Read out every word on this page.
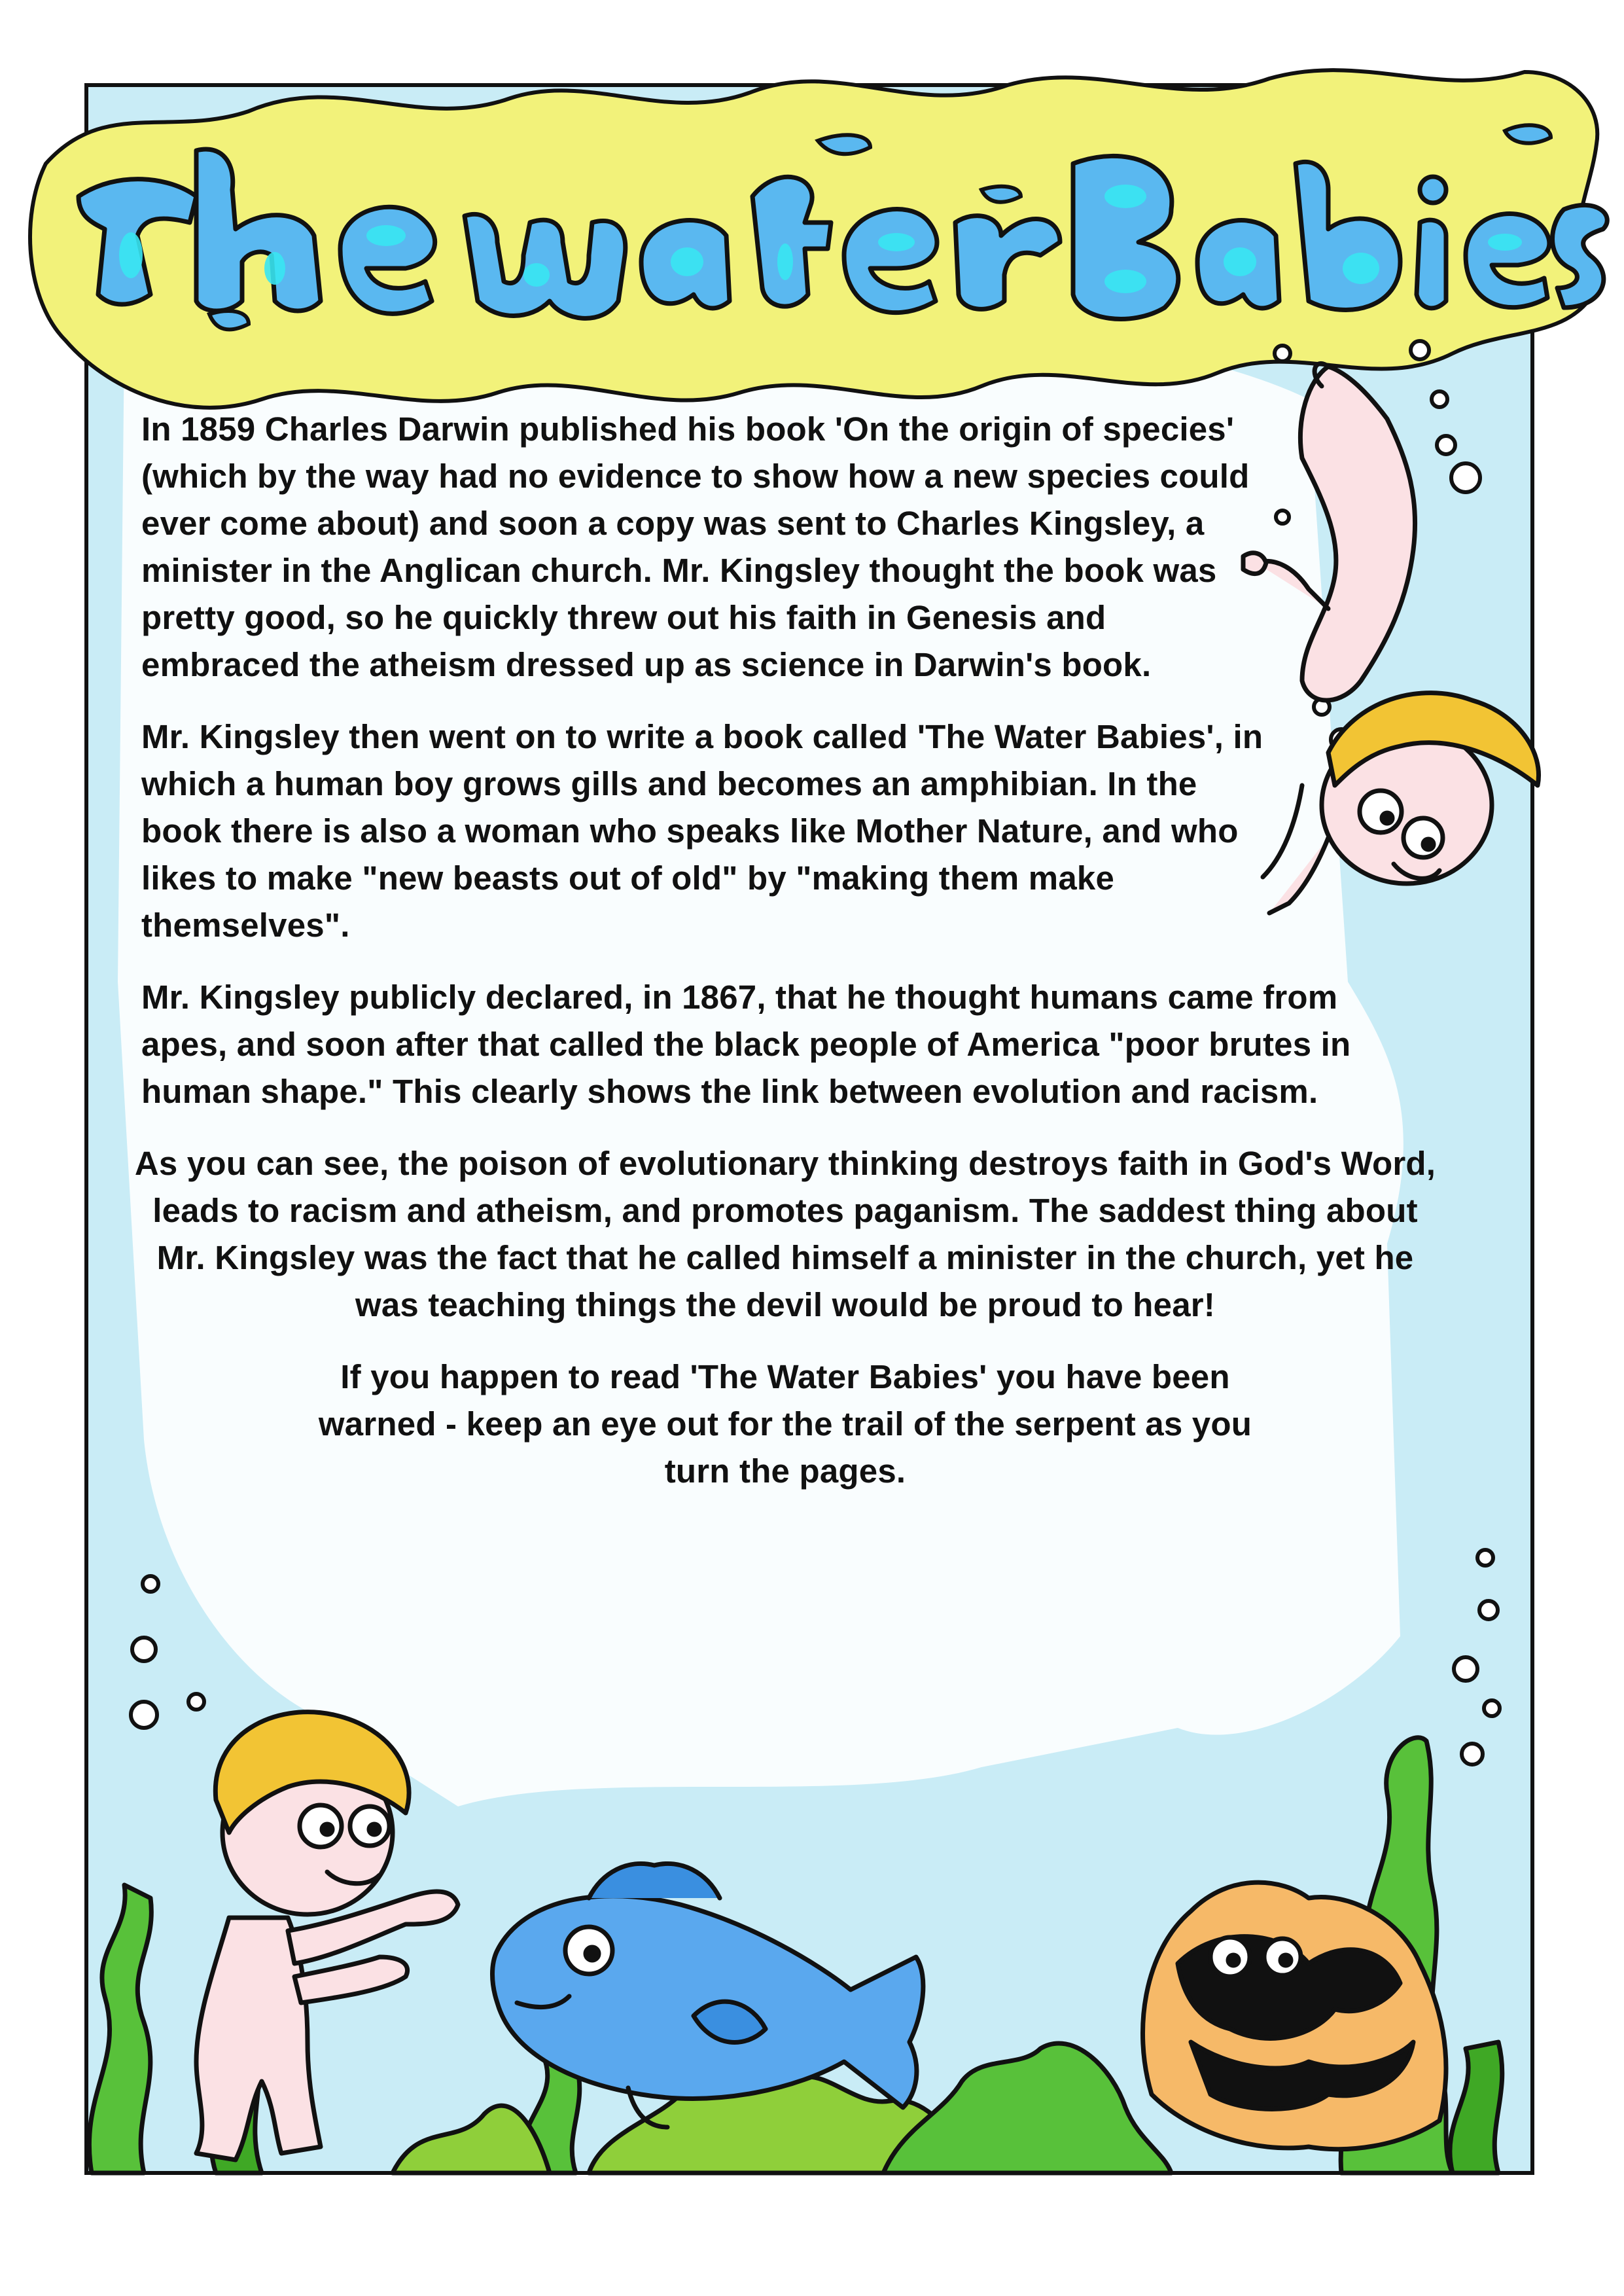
In 1859 Charles Darwin published his book 'On the origin of species' (which by the way had no evidence to show how a new species could ever come about) and soon a copy was sent to Charles Kingsley, a minister in the Anglican church. Mr. Kingsley thought the book was pretty good, so he quickly threw out his faith in Genesis and embraced the atheism dressed up as science in Darwin's book.

Mr. Kingsley then went on to write a book called 'The Water Babies', in which a human boy grows gills and becomes an amphibian. In the book there is also a woman who speaks like Mother Nature, and who likes to make "new beasts out of old" by "making them make themselves".

Mr. Kingsley publicly declared, in 1867, that he thought humans came from apes, and soon after that called the black people of America "poor brutes in human shape." This clearly shows the link between evolution and racism.

As you can see, the poison of evolutionary thinking destroys faith in God's Word, leads to racism and atheism, and promotes paganism. The saddest thing about Mr. Kingsley was the fact that he called himself a minister in the church, yet he was teaching things the devil would be proud to hear!

If you happen to read 'The Water Babies' you have been warned - keep an eye out for the trail of the serpent as you turn the pages.
